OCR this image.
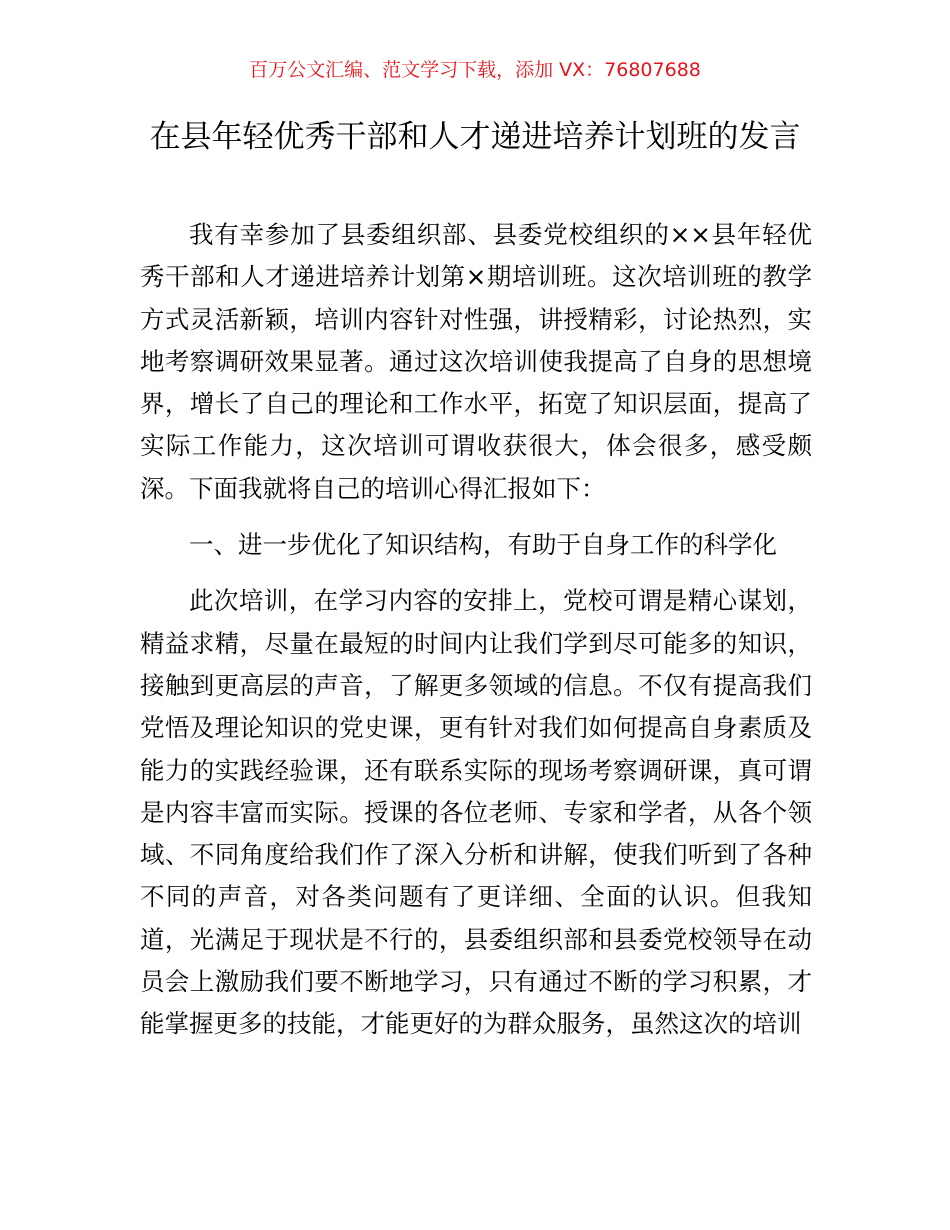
百万公文汇编、范文学习下载，添加 VX：76807688
在县年轻优秀干部和人才递进培养计划班的发言

我有幸参加了县委组织部、县委党校组织的××县年轻优秀干部和人才递进培养计划第×期培训班。这次培训班的教学方式灵活新颖，培训内容针对性强，讲授精彩，讨论热烈，实地考察调研效果显著。通过这次培训使我提高了自身的思想境界，增长了自己的理论和工作水平，拓宽了知识层面，提高了实际工作能力，这次培训可谓收获很大，体会很多，感受颇深。下面我就将自己的培训心得汇报如下：

一、进一步优化了知识结构，有助于自身工作的科学化

此次培训，在学习内容的安排上，党校可谓是精心谋划，精益求精，尽量在最短的时间内让我们学到尽可能多的知识，接触到更高层的声音，了解更多领域的信息。不仅有提高我们党悟及理论知识的党史课，更有针对我们如何提高自身素质及能力的实践经验课，还有联系实际的现场考察调研课，真可谓是内容丰富而实际。授课的各位老师、专家和学者，从各个领域、不同角度给我们作了深入分析和讲解，使我们听到了各种不同的声音，对各类问题有了更详细、全面的认识。但我知道，光满足于现状是不行的，县委组织部和县委党校领导在动员会上激励我们要不断地学习，只有通过不断的学习积累，才能掌握更多的技能，才能更好的为群众服务，虽然这次的培训
